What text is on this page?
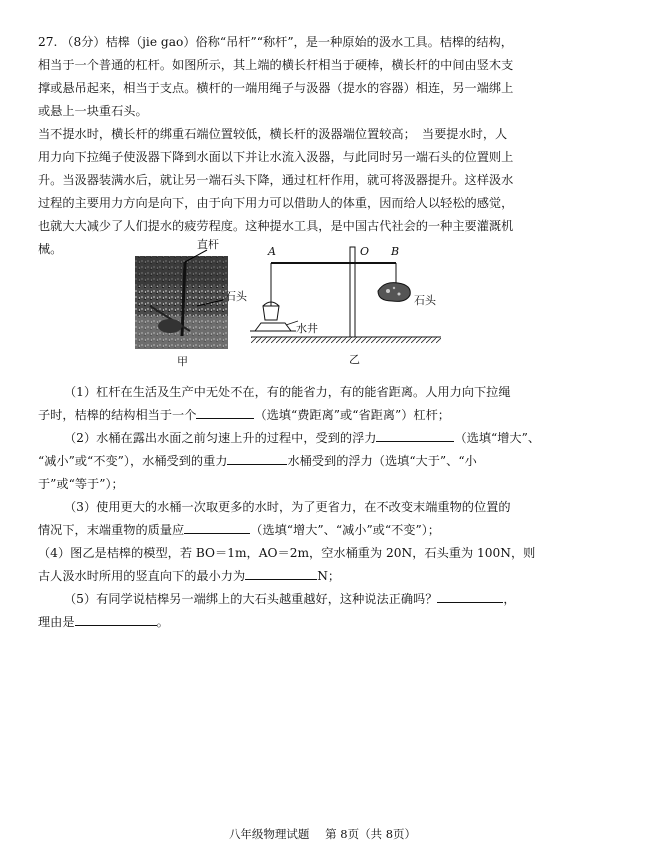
27. （8分）桔槔（jie gao）俗称“吊杆”“称杆”，是一种原始的汲水工具。桔槔的结构，
相当于一个普通的杠杆。如图所示，其上端的横长杆相当于硬棒，横长杆的中间由竖木支
撑或悬吊起来，相当于支点。横杆的一端用绳子与汲器（提水的容器）相连，另一端绑上
或悬上一块重石头。
当不提水时，横长杆的绑重石端位置较低，横长杆的汲器端位置较高；　当要提水时，人
用力向下拉绳子使汲器下降到水面以下并让水流入汲器，与此同时另一端石头的位置则上
升。当汲器装满水后，就让另一端石头下降，通过杠杆作用，就可将汲器提升。这样汲水
过程的主要用力方向是向下，由于向下用力可以借助人的体重，因而给人以轻松的感觉，
也就大大减少了人们提水的疲劳程度。这种提水工具，是中国古代社会的一种主要灌溉机
械。	直杆
石头
甲
A	O B
石头
水井
乙
（1）杠杆在生活及生产中无处不在，有的能省力，有的能省距离。人用力向下拉绳
子时，桔槔的结构相当于一个	（选填“费距离”或“省距离”）杠杆；
（2）水桶在露出水面之前匀速上升的过程中，受到的浮力	（选填“增大”、
“减小”或“不变”），水桶受到的重力	水桶受到的浮力（选填“大于”、“小
于”或“等于”）；
（3）使用更大的水桶一次取更多的水时，为了更省力，在不改变末端重物的位置的
情况下，末端重物的质量应	（选填“增大”、“减小”或“不变”）；
（4）图乙是桔槔的模型，若 BO＝1m，AO＝2m，空水桶重为 20N，石头重为 100N，则
古人汲水时所用的竖直向下的最小力为	N；
（5）有同学说桔槔另一端绑上的大石头越重越好，这种说法正确吗？	，
理由是	。
八年级物理试题 第 8页（共 8页）
